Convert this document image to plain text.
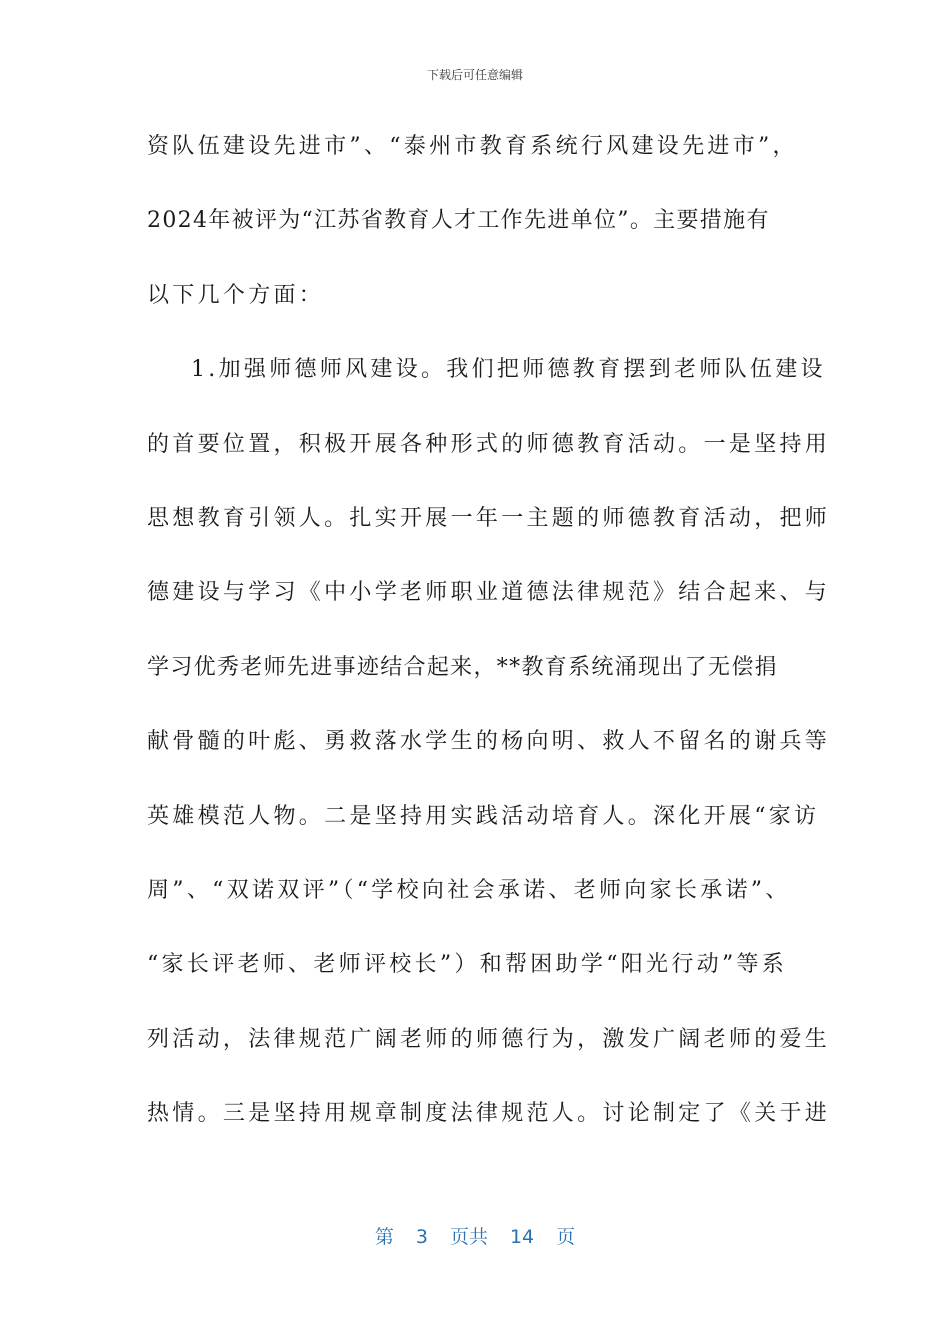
下载后可任意编辑
资队伍建设先进市”、“泰州市教育系统行风建设先进市”，
2024年被评为“江苏省教育人才工作先进单位”。主要措施有
以下几个方面：
1.加强师德师风建设。我们把师德教育摆到老师队伍建设
的首要位置，积极开展各种形式的师德教育活动。一是坚持用
思想教育引领人。扎实开展一年一主题的师德教育活动，把师
德建设与学习《中小学老师职业道德法律规范》结合起来、与
学习优秀老师先进事迹结合起来，**教育系统涌现出了无偿捐
献骨髓的叶彪、勇救落水学生的杨向明、救人不留名的谢兵等
英雄模范人物。二是坚持用实践活动培育人。深化开展“家访
周”、“双诺双评”（“学校向社会承诺、老师向家长承诺”、
“家长评老师、老师评校长”）和帮困助学“阳光行动”等系
列活动，法律规范广阔老师的师德行为，激发广阔老师的爱生
热情。三是坚持用规章制度法律规范人。讨论制定了《关于进
第 3 页共 14 页
